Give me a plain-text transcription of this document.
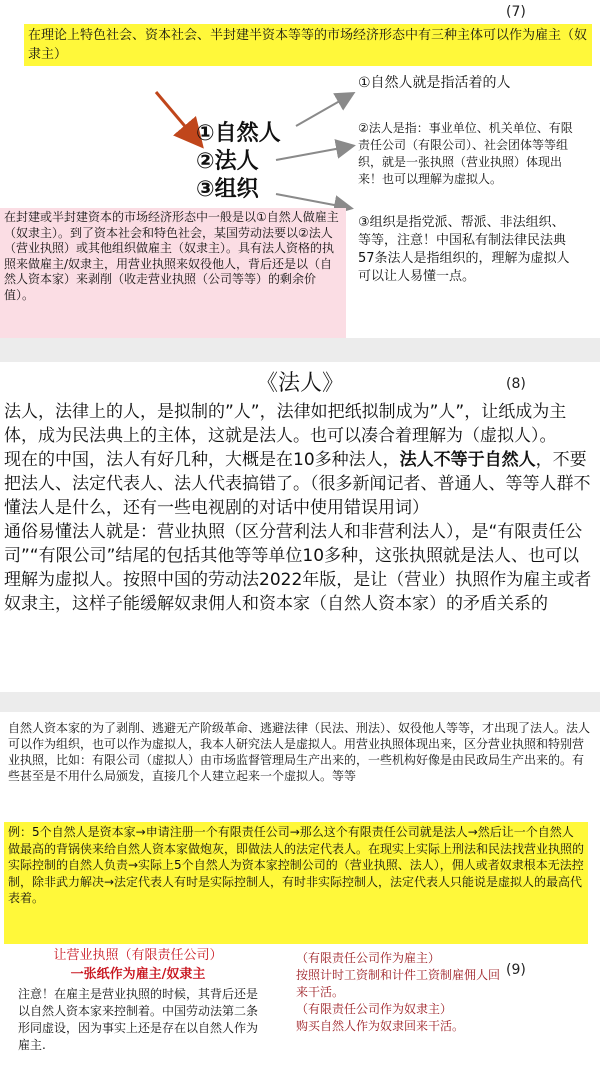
(7)
在理论上特色社会、资本社会、半封建半资本等等的市场经济形态中有三种主体可以作为雇主（奴隶主）
①自然人
②法人
③组织
①自然人就是指活着的人
②法人是指：事业单位、机关单位、有限责任公司（有限公司）、社会团体等等组织，就是一张执照（营业执照）体现出来！也可以理解为虚拟人。
③组织是指党派、帮派、非法组织、等等，注意！中国私有制法律民法典57条法人是指组织的，理解为虚拟人可以让人易懂一点。
在封建或半封建资本的市场经济形态中一般是以①自然人做雇主（奴隶主）。到了资本社会和特色社会，某国劳动法要以②法人（营业执照）或其他组织做雇主（奴隶主）。具有法人资格的执照来做雇主/奴隶主，用营业执照来奴役他人，背后还是以（自然人资本家）来剥削（收走营业执照（公司等等）的剩余价值）。
《法人》	(8)

法人，法律上的人，是拟制的”人”，法律如把纸拟制成为”人”，让纸成为主体，成为民法典上的主体，这就是法人。也可以凑合着理解为（虚拟人）。

现在的中国，法人有好几种，大概是在10多种法人，法人不等于自然人，不要把法人、法定代表人、法人代表搞错了。（很多新闻记者、普通人、等等人群不懂法人是什么，还有一些电视剧的对话中使用错误用词）

通俗易懂法人就是：营业执照（区分营利法人和非营利法人），是“有限责任公司”“有限公司”结尾的包括其他等等单位10多种，这张执照就是法人、也可以理解为虚拟人。按照中国的劳动法2022年版，是让（营业）执照作为雇主或者奴隶主，这样子能缓解奴隶佣人和资本家（自然人资本家）的矛盾关系的

自然人资本家的为了剥削、逃避无产阶级革命、逃避法律（民法、刑法）、奴役他人等等，才出现了法人。法人可以作为组织，也可以作为虚拟人，我本人研究法人是虚拟人。用营业执照体现出来，区分营业执照和特别营业执照，比如：有限公司（虚拟人）由市场监督管理局生产出来的，一些机构好像是由民政局生产出来的。有些甚至是不用什么局颁发，直接几个人建立起来一个虚拟人。等等
例：5个自然人是资本家→申请注册一个有限责任公司→那么这个有限责任公司就是法人→然后让一个自然人做最高的背锅侠来给自然人资本家做炮灰，即做法人的法定代表人。在现实上实际上刑法和民法找营业执照的实际控制的自然人负责→实际上5个自然人为资本家控制公司的（营业执照、法人），佣人或者奴隶根本无法控制，除非武力解决→法定代表人有时是实际控制人，有时非实际控制人，法定代表人只能说是虚拟人的最高代表着。
让营业执照（有限责任公司）
一张纸作为雇主/奴隶主
注意！在雇主是营业执照的时候，其背后还是以自然人资本家来控制着。中国劳动法第二条形同虚设，因为事实上还是存在以自然人作为雇主.
（有限责任公司作为雇主）
按照计时工资制和计件工资制雇佣人回来干活。
（有限责任公司作为奴隶主）
购买自然人作为奴隶回来干活。
(9)
